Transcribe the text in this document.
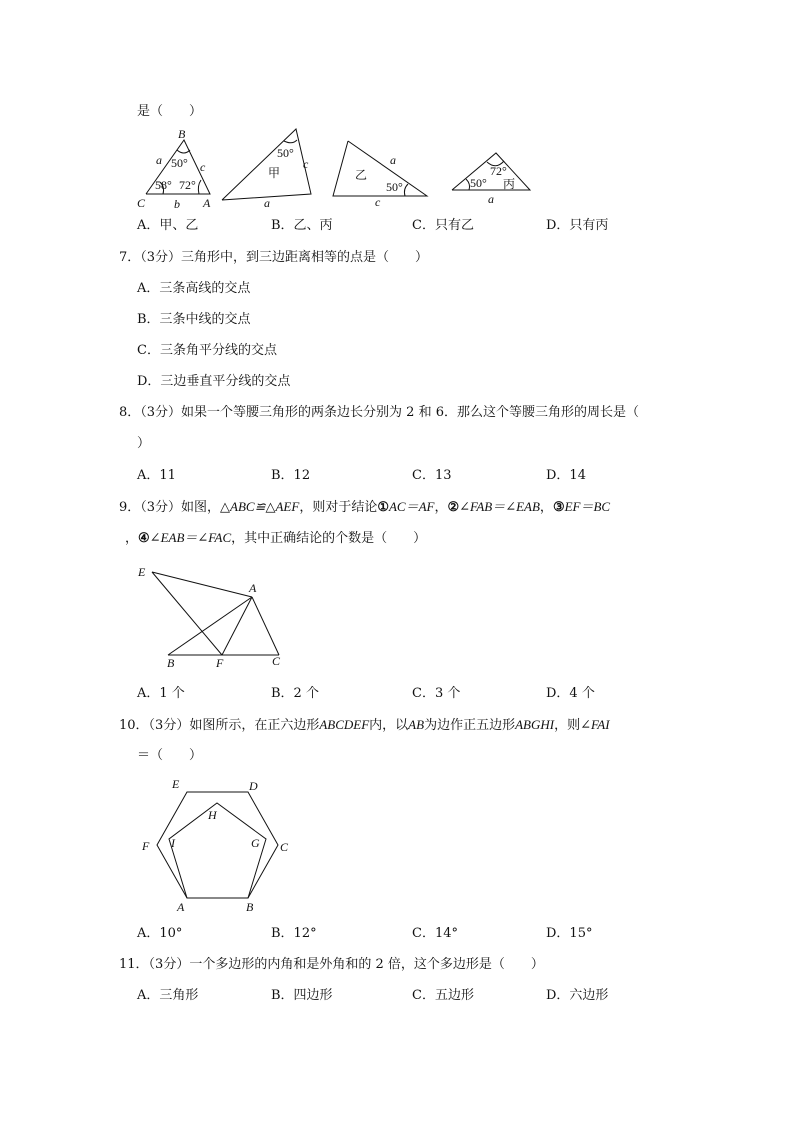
是（　　）
B
C	A
a
b
c
50°
58° 72°
50°
c
a
甲	乙
a
c
50°
72°
50° 丙
a
A．甲、乙	B．乙、丙	C．只有乙	D．只有丙
7．（3分）三角形中，到三边距离相等的点是（　　）
A．三条高线的交点
B．三条中线的交点
C．三条角平分线的交点
D．三边垂直平分线的交点
8．（3分）如果一个等腰三角形的两条边长分别为 2 和 6．那么这个等腰三角形的周长是（
）
A．11	B．12	C．13	D．14
9．（3分）如图，△ABC≌△AEF，则对于结论①AC＝AF，②∠FAB＝∠EAB，③EF＝BC
，④∠EAB＝∠FAC，其中正确结论的个数是（　　）
E
A
B	F	C
A．1 个	B．2 个	C．3 个	D．4 个
10．（3分）如图所示，在正六边形ABCDEF内，以AB为边作正五边形ABGHI，则∠FAI
＝（　　）
E	D
H
F I	G C
A	B
A．10°	B．12°	C．14°	D．15°
11．（3分）一个多边形的内角和是外角和的 2 倍，这个多边形是（　　）
A．三角形	B．四边形	C．五边形	D．六边形
